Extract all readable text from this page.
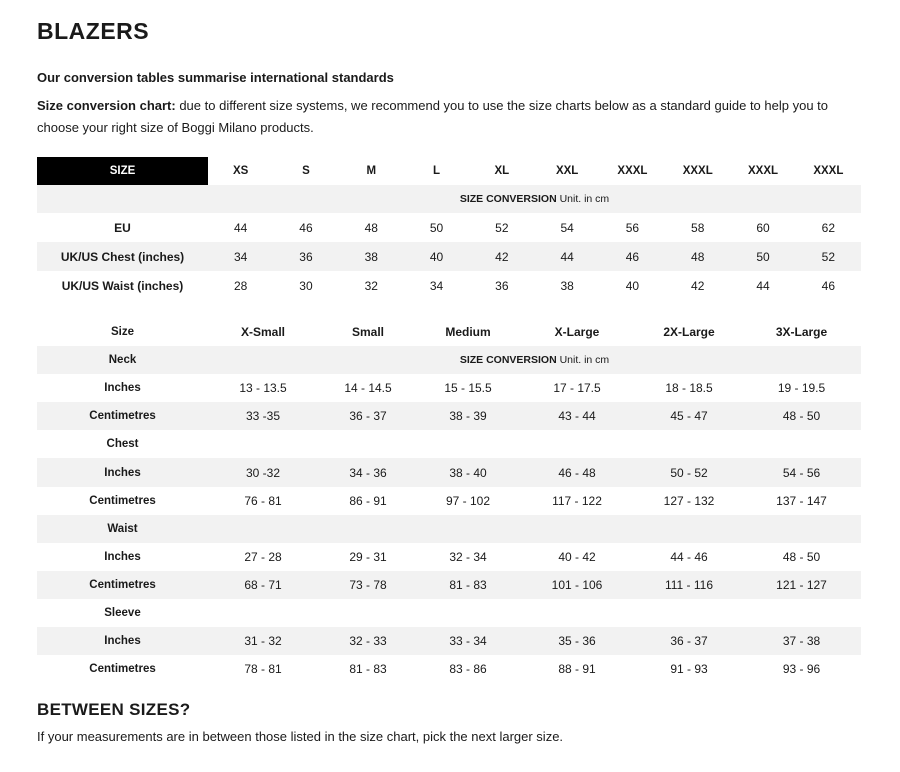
BLAZERS
Our conversion tables summarise international standards
Size conversion chart: due to different size systems, we recommend you to use the size charts below as a standard guide to help you to choose your right size of Boggi Milano products.
SIZE	XS	S	M	L	XL	XXL	XXXL	XXXL	XXXL	XXXL
	SIZE CONVERSION Unit. in cm									
EU	44	46	48	50	52	54	56	58	60	62
UK/US Chest (inches)	34	36	38	40	42	44	46	48	50	52
UK/US Waist (inches)	28	30	32	34	36	38	40	42	44	46
Size	X-Small	Small	Medium	X-Large	2X-Large	3X-Large
Neck	SIZE CONVERSION Unit. in cm					
Inches	13 - 13.5	14 - 14.5	15 - 15.5	17 - 17.5	18 - 18.5	19 - 19.5
Centimetres	33 -35	36 - 37	38 - 39	43 - 44	45 - 47	48 - 50
Chest						
Inches	30 -32	34 - 36	38 - 40	46 - 48	50 - 52	54 - 56
Centimetres	76 - 81	86 - 91	97 - 102	117 - 122	127 - 132	137 - 147
Waist						
Inches	27 - 28	29 - 31	32 - 34	40 - 42	44 - 46	48 - 50
Centimetres	68 - 71	73 - 78	81 - 83	101 - 106	111 - 116	121 - 127
Sleeve						
Inches	31 - 32	32 - 33	33 - 34	35 - 36	36 - 37	37 - 38
Centimetres	78 - 81	81 - 83	83 - 86	88 - 91	91 - 93	93 - 96
BETWEEN SIZES?
If your measurements are in between those listed in the size chart, pick the next larger size.
